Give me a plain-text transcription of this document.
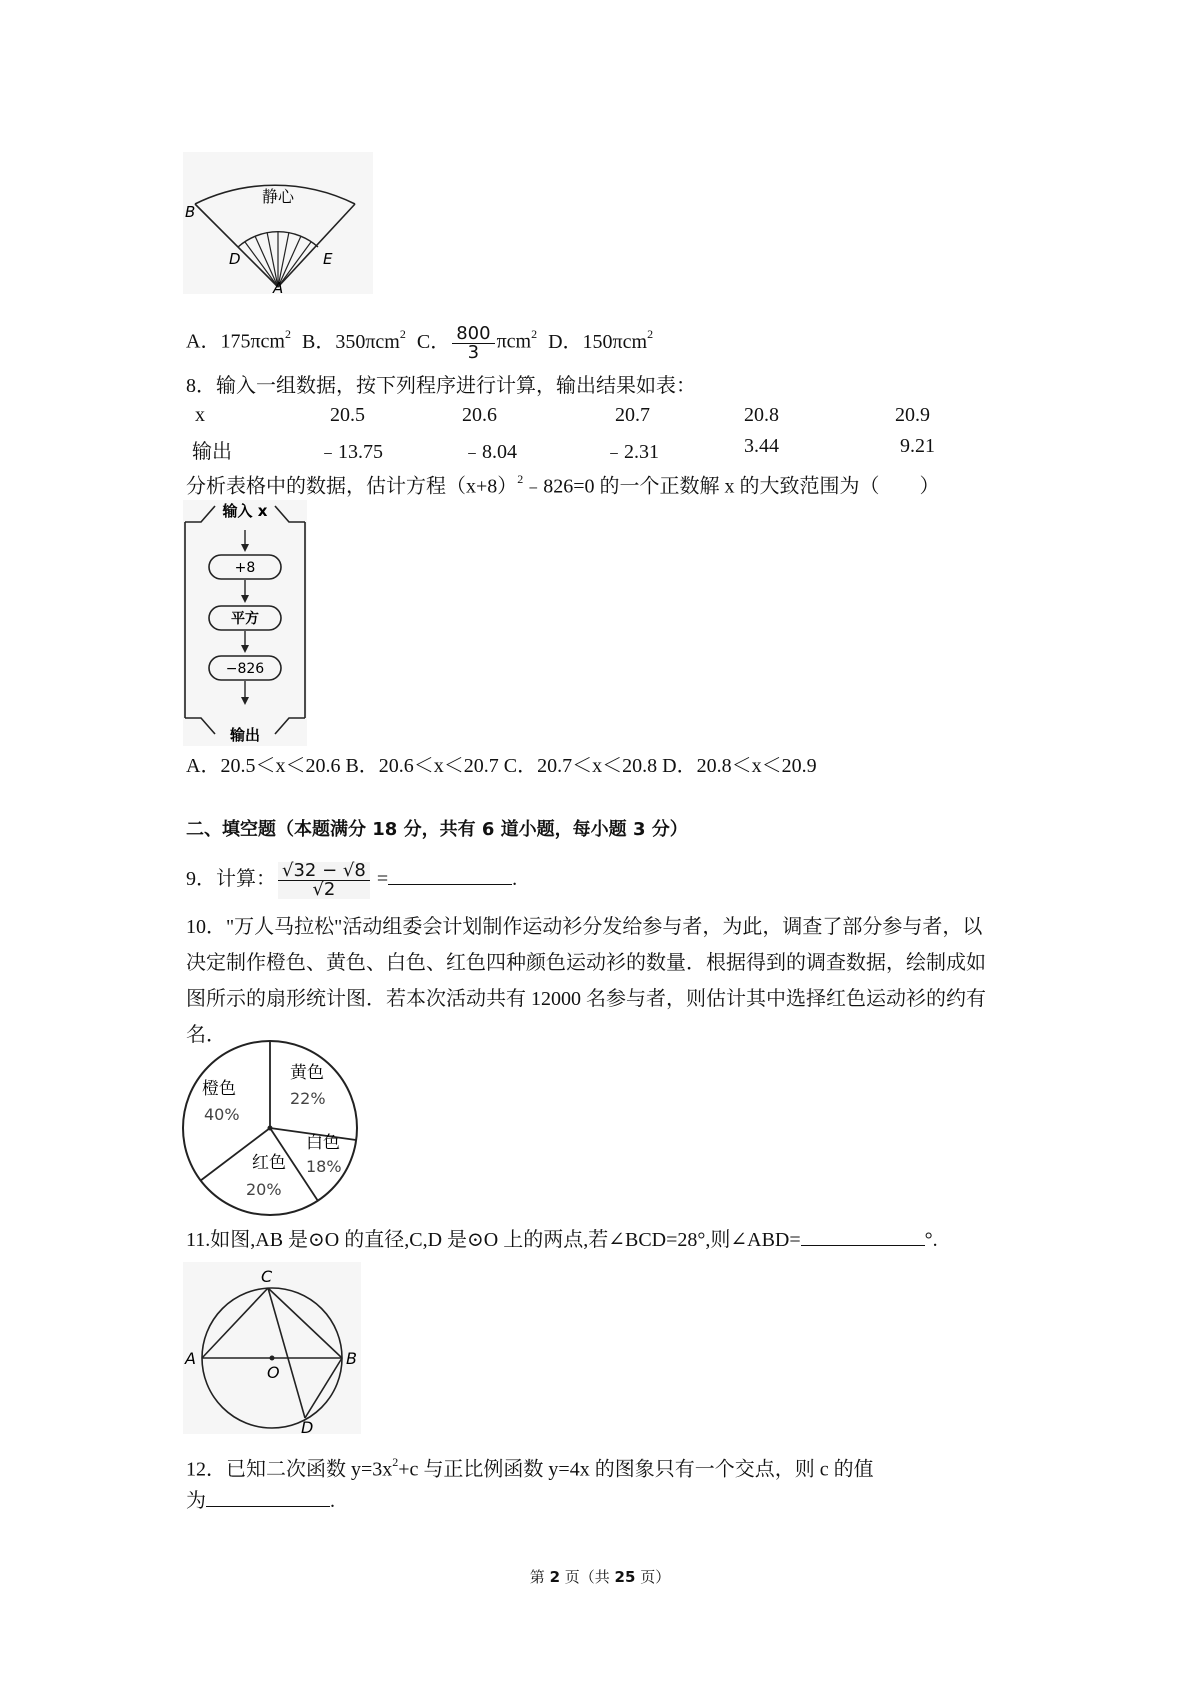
静心
B
D	E
A
A．175πcm$^2$ B．350πcm$^2$ C． $\frac{800}{3} \pi cm^2$ D．150πcm$^2$
8．输入一组数据，按下列程序进行计算，输出结果如表：
x	20.5	20.6	20.7	20.8	20.9
输出	﹣13.75	﹣8.04	﹣2.31	3.44	9.21
分析表格中的数据，估计方程$(x+8)^2﹣826=0$ 的一个正数解 x 的大致范围为（　　）
输入 x
+8
平方
−826
输出
A．20.5＜x＜20.6 B．20.6＜x＜20.7 C．20.7＜x＜20.8 D．20.8＜x＜20.9
二、填空题（本题满分 18 分，共有 6 道小题，每小题 3 分）
9．计算： $\frac{√32 - √8}{√2}$ =	.
10．"万人马拉松"活动组委会计划制作运动衫分发给参与者，为此，调查了部分参与者，以
决定制作橙色、黄色、白色、红色四种颜色运动衫的数量．根据得到的调查数据，绘制成如
图所示的扇形统计图．若本次活动共有 12000 名参与者，则估计其中选择红色运动衫的约有
名．
橙色
40%
黄色
22%
白色
18%
红色
20%
11.如图,AB 是⊙O 的直径,C,D 是⊙O 上的两点,若∠BCD=28°,则∠ABD=	°.
C
A
O
B
D
12．已知二次函数 $y=3x^2+c$ 与正比例函数 y=4x 的图象只有一个交点，则 c 的值
为	.
第 2 页（共 25 页）
